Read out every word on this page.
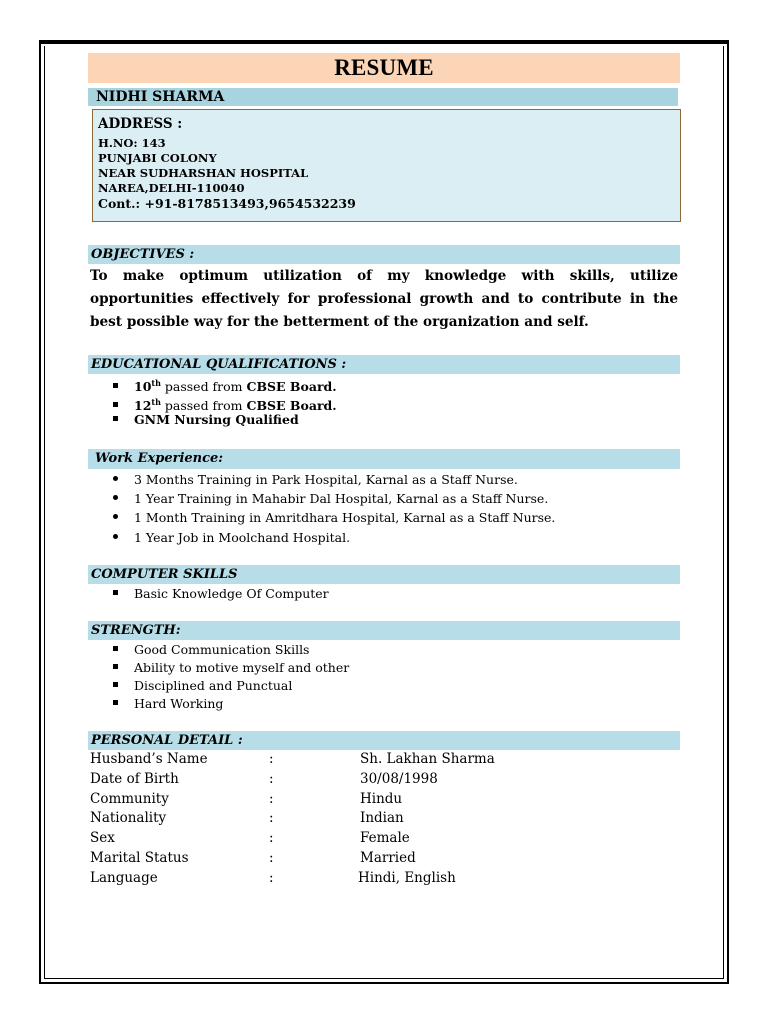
RESUME
NIDHI SHARMA
ADDRESS :
H.NO: 143
PUNJABI COLONY
NEAR SUDHARSHAN HOSPITAL
NAREA,DELHI-110040
Cont.: +91-8178513493,9654532239
OBJECTIVES :
To make optimum utilization of my knowledge with skills, utilize opportunities effectively for professional growth and to contribute in the best possible way for the betterment of the organization and self.
EDUCATIONAL QUALIFICATIONS :
10th passed from CBSE Board.
12th passed from CBSE Board.
GNM Nursing Qualified
Work Experience:
3 Months Training in Park Hospital, Karnal as a Staff Nurse.
1 Year Training in Mahabir Dal Hospital, Karnal as a Staff Nurse.
1 Month Training in Amritdhara Hospital, Karnal as a Staff Nurse.
1 Year Job in Moolchand Hospital.
COMPUTER SKILLS
Basic Knowledge Of Computer
STRENGTH:
Good Communication Skills
Ability to motive myself and other
Disciplined and Punctual
Hard Working
PERSONAL DETAIL :
Husband’s Name	:	Sh. Lakhan Sharma
Date of Birth	:	30/08/1998
Community	:	Hindu
Nationality	:	Indian
Sex	:	Female
Marital Status	:	Married
Language	:	Hindi, English
